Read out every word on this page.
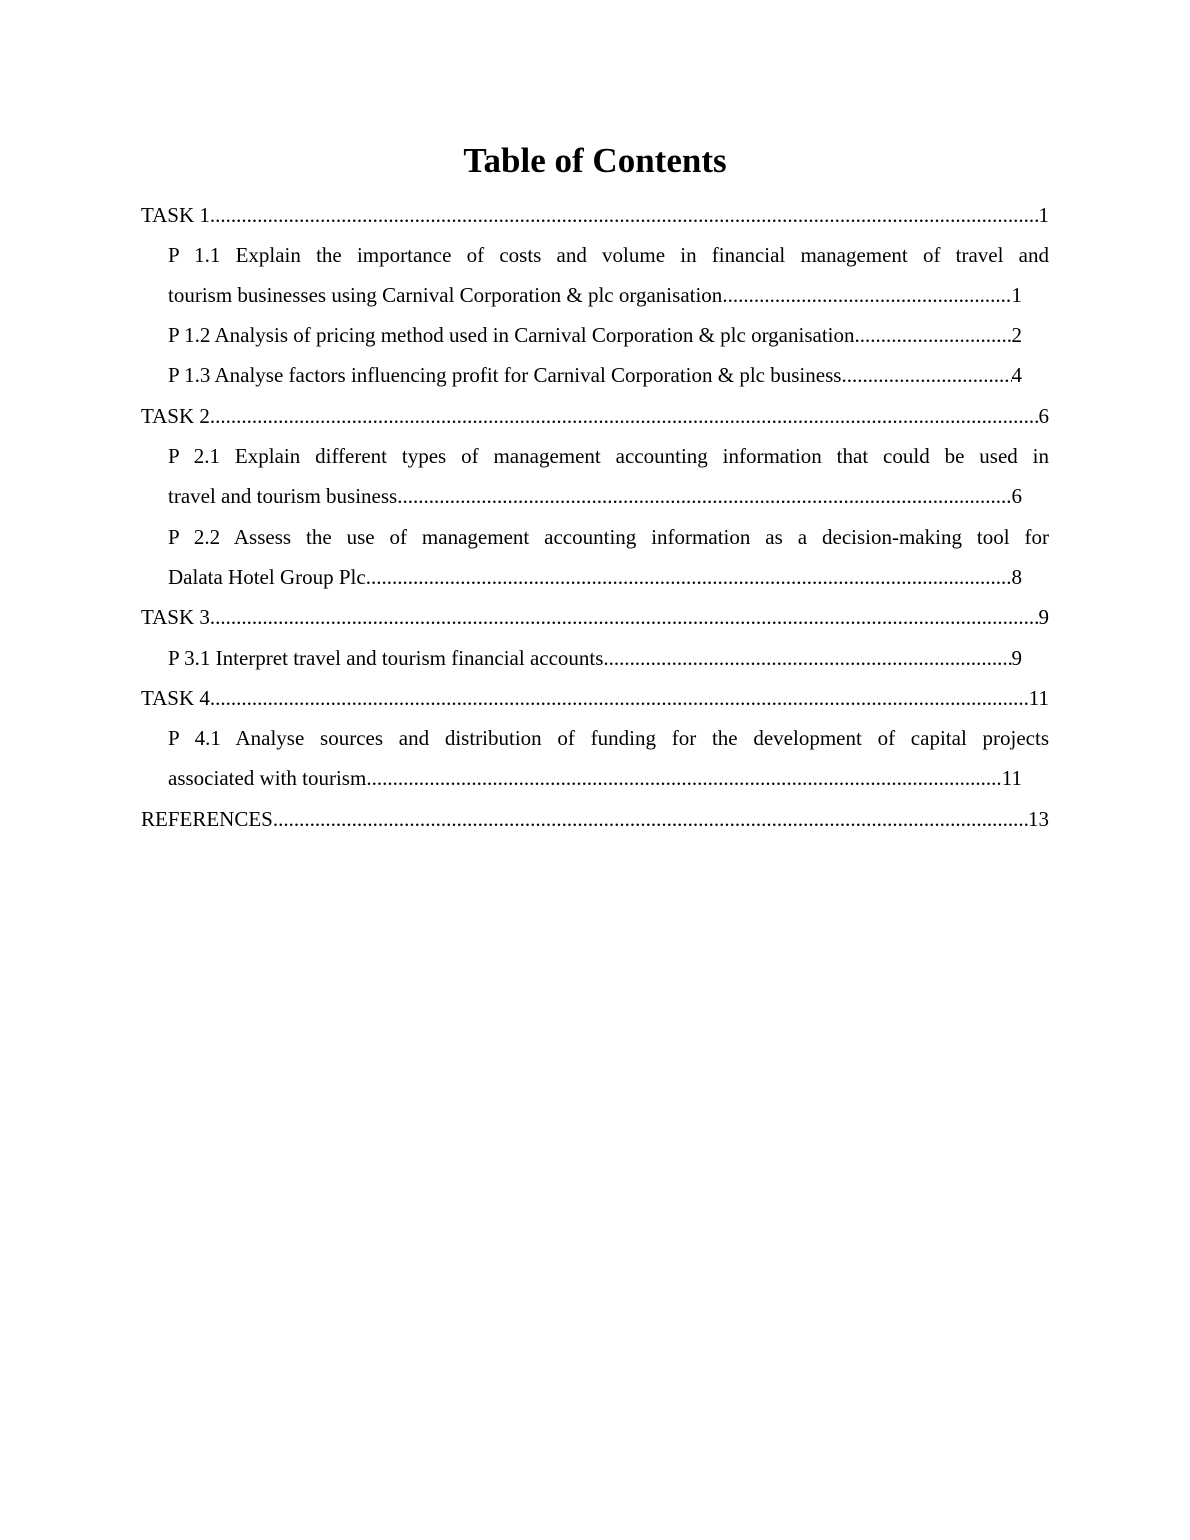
Table of Contents
TASK 1 .....	1
P 1.1 Explain the importance of costs and volume in financial management of travel and
tourism businesses using Carnival Corporation & plc organisation .....	1
P 1.2 Analysis of pricing method used in Carnival Corporation & plc organisation .....	2
P 1.3 Analyse factors influencing profit for Carnival Corporation & plc business .....	4
TASK 2 .....	6
P 2.1 Explain different types of management accounting information that could be used in
travel and tourism business .....	6
P 2.2 Assess the use of management accounting information as a decision-making tool for
Dalata Hotel Group Plc .....	8
TASK 3 .....	9
P 3.1 Interpret travel and tourism financial accounts .....	9
TASK 4 .....	11
P 4.1 Analyse sources and distribution of funding for the development of capital projects
associated with tourism .....	11
REFERENCES .....	13
